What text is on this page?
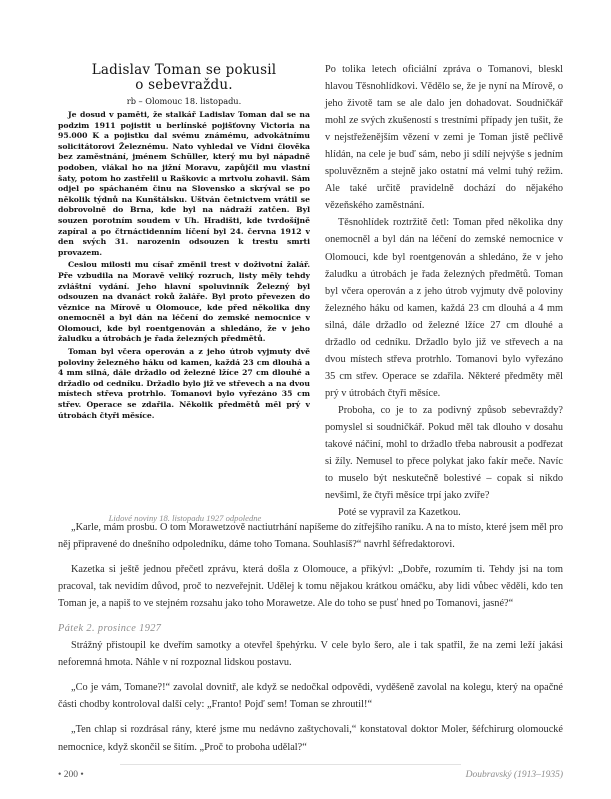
Ladislav Toman se pokusil
o sebevraždu.

rb – Olomouc 18. listopadu.

Je dosud v paměti, že stalkář Ladislav Toman dal se na podzim 1911 pojistit u berlínské pojišťovny Victoria na 95.000 K a pojistku dal svému známému, advokátnímu solicitátorovi Železnému. Nato vyhledal ve Vídni člověka bez zaměstnání, jménem Schüller, který mu byl nápadně podoben, vlákal ho na jižní Moravu, zapůjčil mu vlastní šaty, potom ho zastřelil u Raškovic a mrtvolu zohavil. Sám odjel po spáchaném činu na Slovensko a skrýval se po několik týdnů na Kunštálsku. Uštván četnictvem vrátil se dobrovolně do Brna, kde byl na nádraží zatčen. Byl souzen porotním soudem v Uh. Hradišti, kde tvrdošíjně zapíral a po čtrnáctidenním líčení byl 24. června 1912 v den svých 31. narozenin odsouzen k trestu smrti provazem.

Ceslou milosti mu císař změnil trest v doživotní žalář. Pře vzbudila na Moravě veliký rozruch, listy měly tehdy zvláštní vydání. Jeho hlavní spoluvinník Železný byl odsouzen na dvanáct roků žaláře. Byl proto převezen do věznice na Mírově u Olomouce, kde před několika dny onemocněl a byl dán na léčení do zemské nemocnice v Olomouci, kde byl roentgenován a shledáno, že v jeho žaludku a útrobách je řada železných předmětů.

Toman byl včera operován a z jeho útrob vyjmuty dvě poloviny železného háku od kamen, každá 23 cm dlouhá a 4 mm silná, dále držadlo od železné lžíce 27 cm dlouhé a držadlo od cedníku. Držadlo bylo již ve střevech a na dvou místech střeva protrhlo. Tomanovi bylo vyřezáno 35 cm střev. Operace se zdařila. Několik předmětů měl prý v útrobách čtyři měsíce.

Lidové noviny 18. listopadu 1927 odpoledne

Po tolika letech oficiální zpráva o Tomanovi, bleskl hlavou Těsnohlídkovi. Vědělo se, že je nyní na Mírově, o jeho životě tam se ale dalo jen dohadovat. Soudničkář mohl ze svých zkušeností s trestními případy jen tušit, že v nejstřeženějším vězení v zemi je Toman jistě pečlivě hlídán, na cele je buď sám, nebo ji sdílí nejvýše s jedním spoluvězněm a stejně jako ostatní má velmi tuhý režim. Ale také určitě pravidelně dochází do nějakého vězeňského zaměstnání.

Těsnohlídek roztržitě četl: Toman před několika dny onemocněl a byl dán na léčení do zemské nemocnice v Olomouci, kde byl roentgenován a shledáno, že v jeho žaludku a útrobách je řada železných předmětů. Toman byl včera operován a z jeho útrob vyjmuty dvě poloviny železného háku od kamen, každá 23 cm dlouhá a 4 mm silná, dále držadlo od železné lžíce 27 cm dlouhé a držadlo od cedníku. Držadlo bylo již ve střevech a na dvou místech střeva protrhlo. Tomanovi bylo vyřezáno 35 cm střev. Operace se zdařila. Některé předměty měl prý v útrobách čtyři měsíce.

Proboha, co je to za podivný způsob sebevraždy? pomyslel si soudničkář. Pokud měl tak dlouho v dosahu takové náčiní, mohl to držadlo třeba nabrousit a podřezat si žíly. Nemusel to přece polykat jako fakír meče. Navíc to muselo být neskutečně bolestivé – copak si nikdo nevšiml, že čtyři měsíce trpí jako zvíře?

Poté se vypravil za Kazetkou.

„Karle, mám prosbu. O tom Morawetzově nactiutrhání napíšeme do zítřejšího raníku. A na to místo, které jsem měl pro něj připravené do dnešního odpoledníku, dáme toho Tomana. Souhlasíš?“ navrhl šéfredaktorovi.

Kazetka si ještě jednou přečetl zprávu, která došla z Olomouce, a přikývl: „Dobře, rozumím ti. Tehdy jsi na tom pracoval, tak nevidím důvod, proč to nezveřejnit. Udělej k tomu nějakou krátkou omáčku, aby lidi vůbec věděli, kdo ten Toman je, a napiš to ve stejném rozsahu jako toho Morawetze. Ale do toho se pusť hned po Tomanovi, jasné?“

Pátek 2. prosince 1927

Strážný přistoupil ke dveřím samotky a otevřel špehýrku. V cele bylo šero, ale i tak spatřil, že na zemi leží jakási neforemná hmota. Náhle v ní rozpoznal lidskou postavu.

„Co je vám, Tomane?!“ zavolal dovnitř, ale když se nedočkal odpovědi, vyděšeně zavolal na kolegu, který na opačné části chodby kontroloval další cely: „Franto! Pojď sem! Toman se zhroutil!“

„Ten chlap si rozdrásal rány, které jsme mu nedávno zaštychovali,“ konstatoval doktor Moler, šéfchirurg olomoucké nemocnice, když skončil se šitím. „Proč to proboha udělal?“

• 200 •	Doubravský (1913–1935)
